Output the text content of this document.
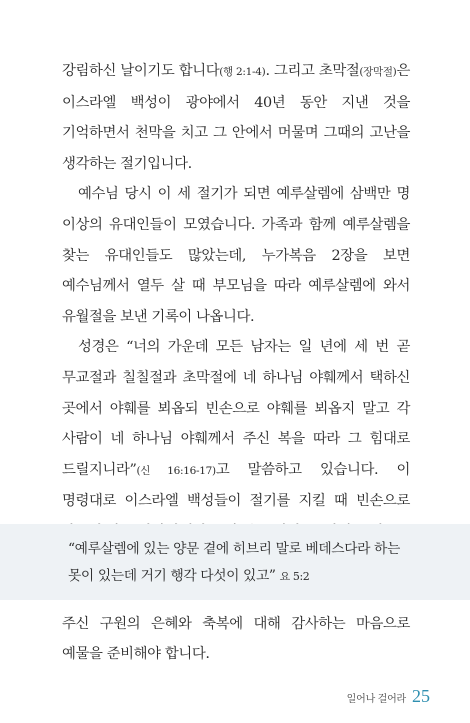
강림하신 날이기도 합니다(행 2:1-4). 그리고 초막절(장막절)은 이스라엘 백성이 광야에서 40년 동안 지낸 것을 기억하면서 천막을 치고 그 안에서 머물며 그때의 고난을 생각하는 절기입니다.

예수님 당시 이 세 절기가 되면 예루살렘에 삼백만 명 이상의 유대인들이 모였습니다. 가족과 함께 예루살렘을 찾는 유대인들도 많았는데, 누가복음 2장을 보면 예수님께서 열두 살 때 부모님을 따라 예루살렘에 와서 유월절을 보낸 기록이 나옵니다.

성경은 “너의 가운데 모든 남자는 일 년에 세 번 곧 무교절과 칠칠절과 초막절에 네 하나님 야훼께서 택하신 곳에서 야훼를 뵈옵되 빈손으로 야훼를 뵈옵지 말고 각 사람이 네 하나님 야훼께서 주신 복을 따라 그 힘대로 드릴지니라”(신 16:16-17)고 말씀하고 있습니다. 이 명령대로 이스라엘 백성들이 절기를 지킬 때 빈손으로 주신 구원의 은혜와 축복에 대해 감사하는 마음으로 예물을 준비해야 합니다.

“예루살렘에 있는 양문 곁에 히브리 말로 베데스다라 하는 못이 있는데 거기 행각 다섯이 있고” 요 5:2
일어나 걸어라 25
